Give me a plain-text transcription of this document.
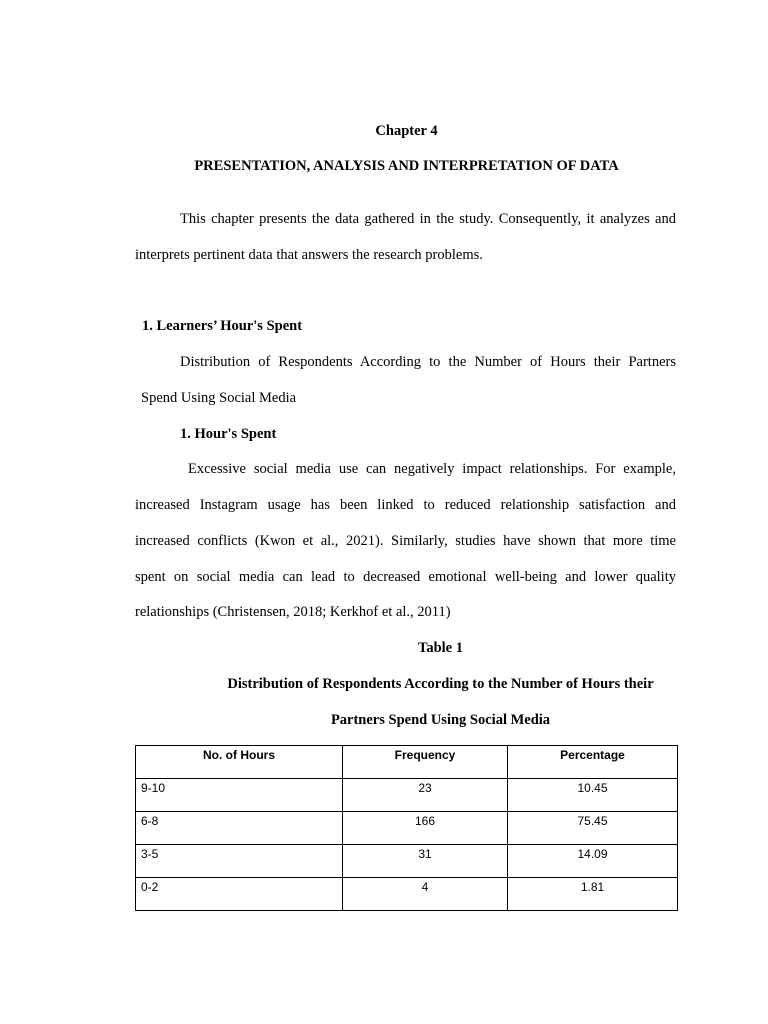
Chapter 4
PRESENTATION, ANALYSIS AND INTERPRETATION OF DATA
This chapter presents the data gathered in the study. Consequently, it analyzes and
interprets pertinent data that answers the research problems.
1. Learners’ Hour's Spent
Distribution of Respondents According to the Number of Hours their Partners
Spend Using Social Media
1. Hour's Spent
Excessive social media use can negatively impact relationships. For example,
increased Instagram usage has been linked to reduced relationship satisfaction and
increased conflicts (Kwon et al., 2021). Similarly, studies have shown that more time
spent on social media can lead to decreased emotional well-being and lower quality
relationships (Christensen, 2018; Kerkhof et al., 2011)
Table 1
Distribution of Respondents According to the Number of Hours their
Partners Spend Using Social Media
No. of Hours	Frequency	Percentage
9-10	23	10.45
6-8	166	75.45
3-5	31	14.09
0-2	4	1.81
